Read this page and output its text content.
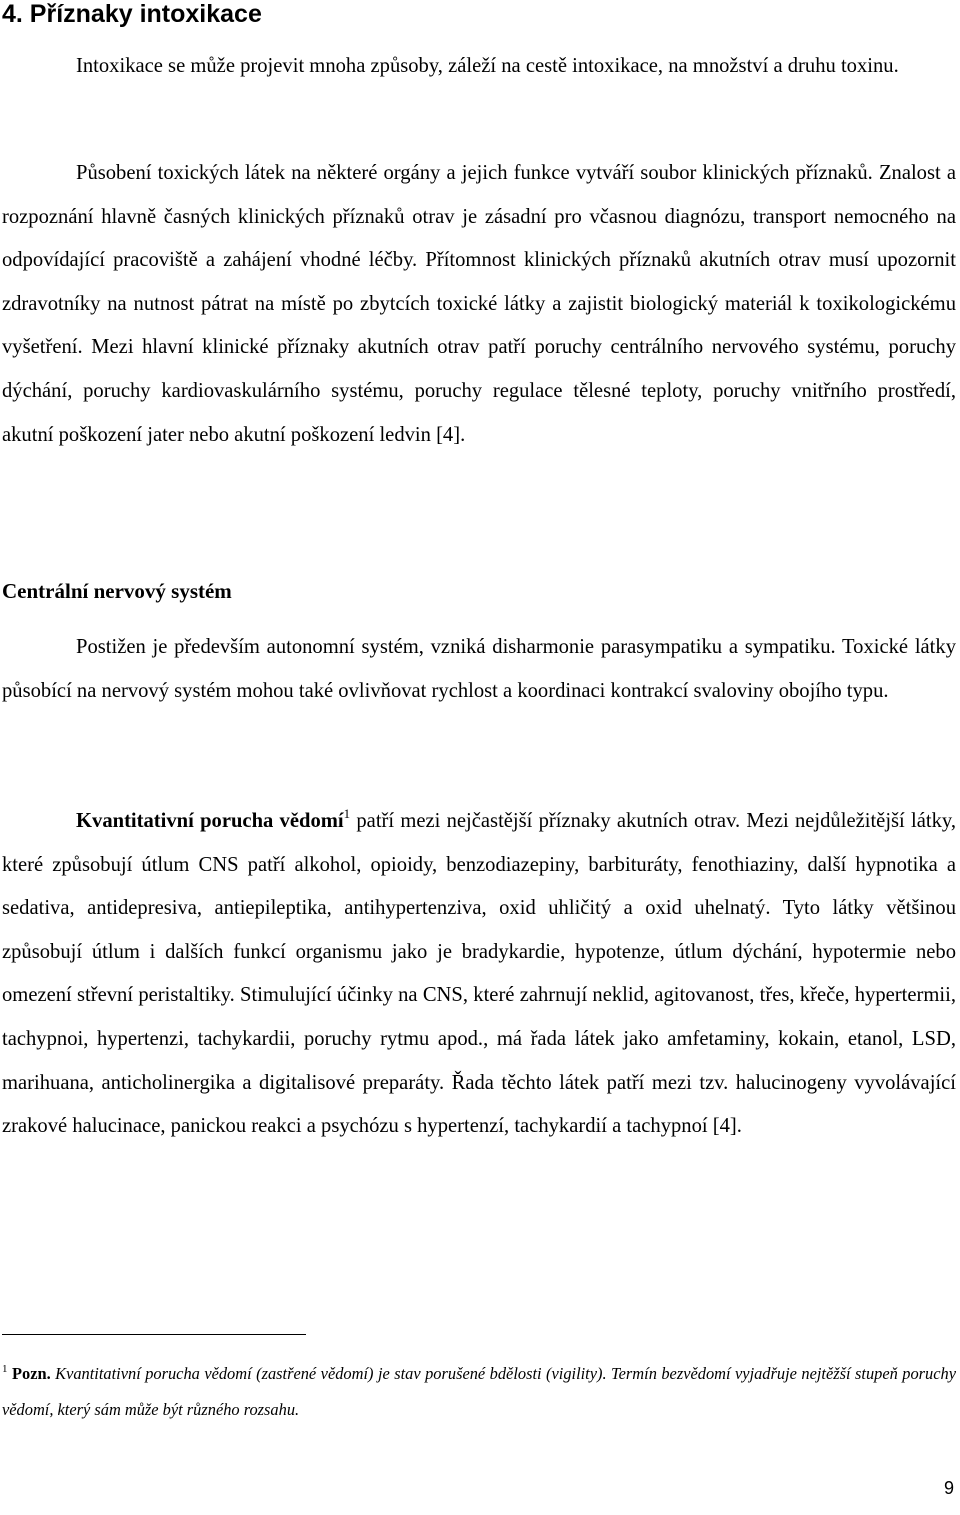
4. Příznaky intoxikace

Intoxikace se může projevit mnoha způsoby, záleží na cestě intoxikace, na množství a druhu toxinu.

Působení toxických látek na některé orgány a jejich funkce vytváří soubor klinických příznaků. Znalost a rozpoznání hlavně časných klinických příznaků otrav je zásadní pro včasnou diagnózu, transport nemocného na odpovídající pracoviště a zahájení vhodné léčby. Přítomnost klinických příznaků akutních otrav musí upozornit zdravotníky na nutnost pátrat na místě po zbytcích toxické látky a zajistit biologický materiál k toxikologickému vyšetření. Mezi hlavní klinické příznaky akutních otrav patří poruchy centrálního nervového systému, poruchy dýchání, poruchy kardiovaskulárního systému, poruchy regulace tělesné teploty, poruchy vnitřního prostředí, akutní poškození jater nebo akutní poškození ledvin [4].

Centrální nervový systém

Postižen je především autonomní systém, vzniká disharmonie parasympatiku a sympatiku. Toxické látky působící na nervový systém mohou také ovlivňovat rychlost a koordinaci kontrakcí svaloviny obojího typu.

Kvantitativní porucha vědomí$^1$ patří mezi nejčastější příznaky akutních otrav. Mezi nejdůležitější látky, které způsobují útlum CNS patří alkohol, opioidy, benzodiazepiny, barbituráty, fenothiaziny, další hypnotika a sedativa, antidepresiva, antiepileptika, antihypertenziva, oxid uhličitý a oxid uhelnatý. Tyto látky většinou způsobují útlum i dalších funkcí organismu jako je bradykardie, hypotenze, útlum dýchání, hypotermie nebo omezení střevní peristaltiky. Stimulující účinky na CNS, které zahrnují neklid, agitovanost, třes, křeče, hypertermii, tachypnoi, hypertenzi, tachykardii, poruchy rytmu apod., má řada látek jako amfetaminy, kokain, etanol, LSD, marihuana, anticholinergika a digitalisové preparáty. Řada těchto látek patří mezi tzv. halucinogeny vyvolávající zrakové halucinace, panickou reakci a psychózu s hypertenzí, tachykardií a tachypnoí [4].

$^1$ Pozn. Kvantitativní porucha vědomí (zastřené vědomí) je stav porušené bdělosti (vigility). Termín bezvědomí vyjadřuje nejtěžší stupeň poruchy vědomí, který sám může být různého rozsahu.

9
